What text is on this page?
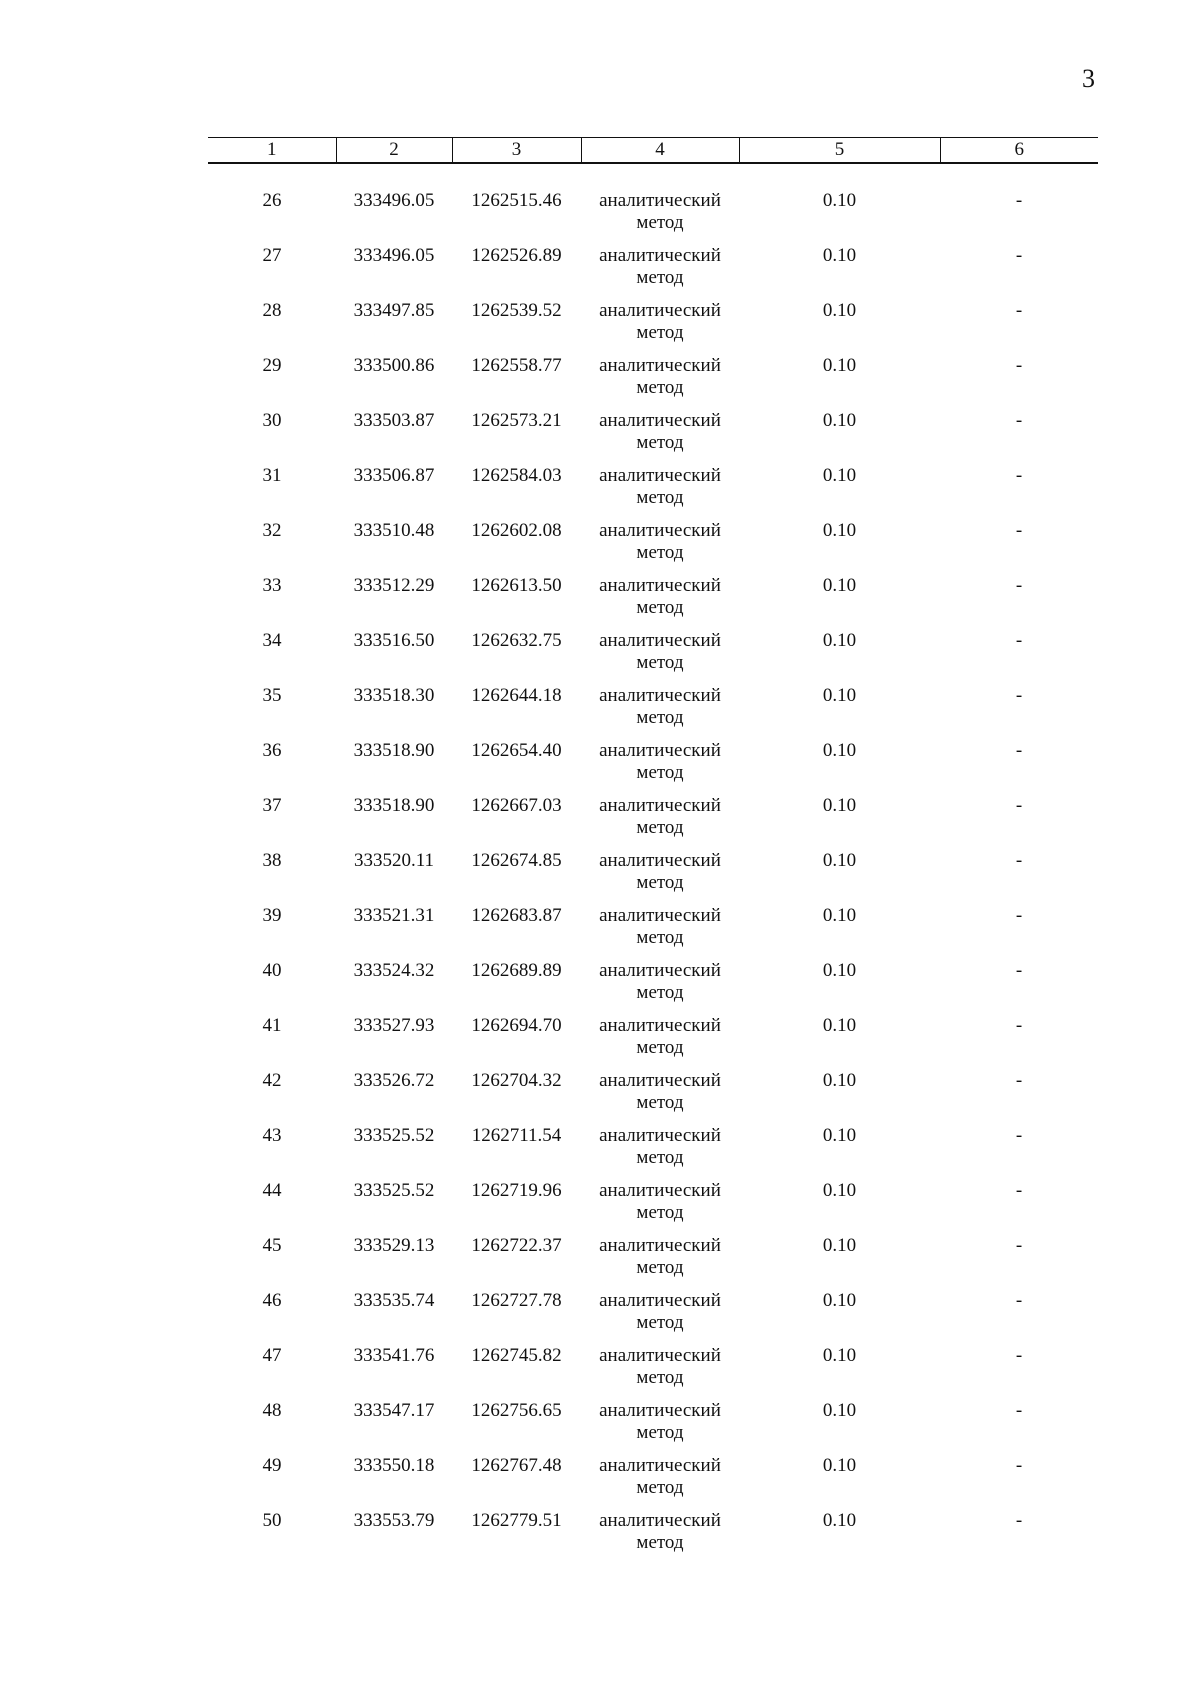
3
1	2	3	4	5	6

26	333496.05	1262515.46	аналитический
метод	0.10	-
27	333496.05	1262526.89	аналитический
метод	0.10	-
28	333497.85	1262539.52	аналитический
метод	0.10	-
29	333500.86	1262558.77	аналитический
метод	0.10	-
30	333503.87	1262573.21	аналитический
метод	0.10	-
31	333506.87	1262584.03	аналитический
метод	0.10	-
32	333510.48	1262602.08	аналитический
метод	0.10	-
33	333512.29	1262613.50	аналитический
метод	0.10	-
34	333516.50	1262632.75	аналитический
метод	0.10	-
35	333518.30	1262644.18	аналитический
метод	0.10	-
36	333518.90	1262654.40	аналитический
метод	0.10	-
37	333518.90	1262667.03	аналитический
метод	0.10	-
38	333520.11	1262674.85	аналитический
метод	0.10	-
39	333521.31	1262683.87	аналитический
метод	0.10	-
40	333524.32	1262689.89	аналитический
метод	0.10	-
41	333527.93	1262694.70	аналитический
метод	0.10	-
42	333526.72	1262704.32	аналитический
метод	0.10	-
43	333525.52	1262711.54	аналитический
метод	0.10	-
44	333525.52	1262719.96	аналитический
метод	0.10	-
45	333529.13	1262722.37	аналитический
метод	0.10	-
46	333535.74	1262727.78	аналитический
метод	0.10	-
47	333541.76	1262745.82	аналитический
метод	0.10	-
48	333547.17	1262756.65	аналитический
метод	0.10	-
49	333550.18	1262767.48	аналитический
метод	0.10	-
50	333553.79	1262779.51	аналитический
метод	0.10	-
